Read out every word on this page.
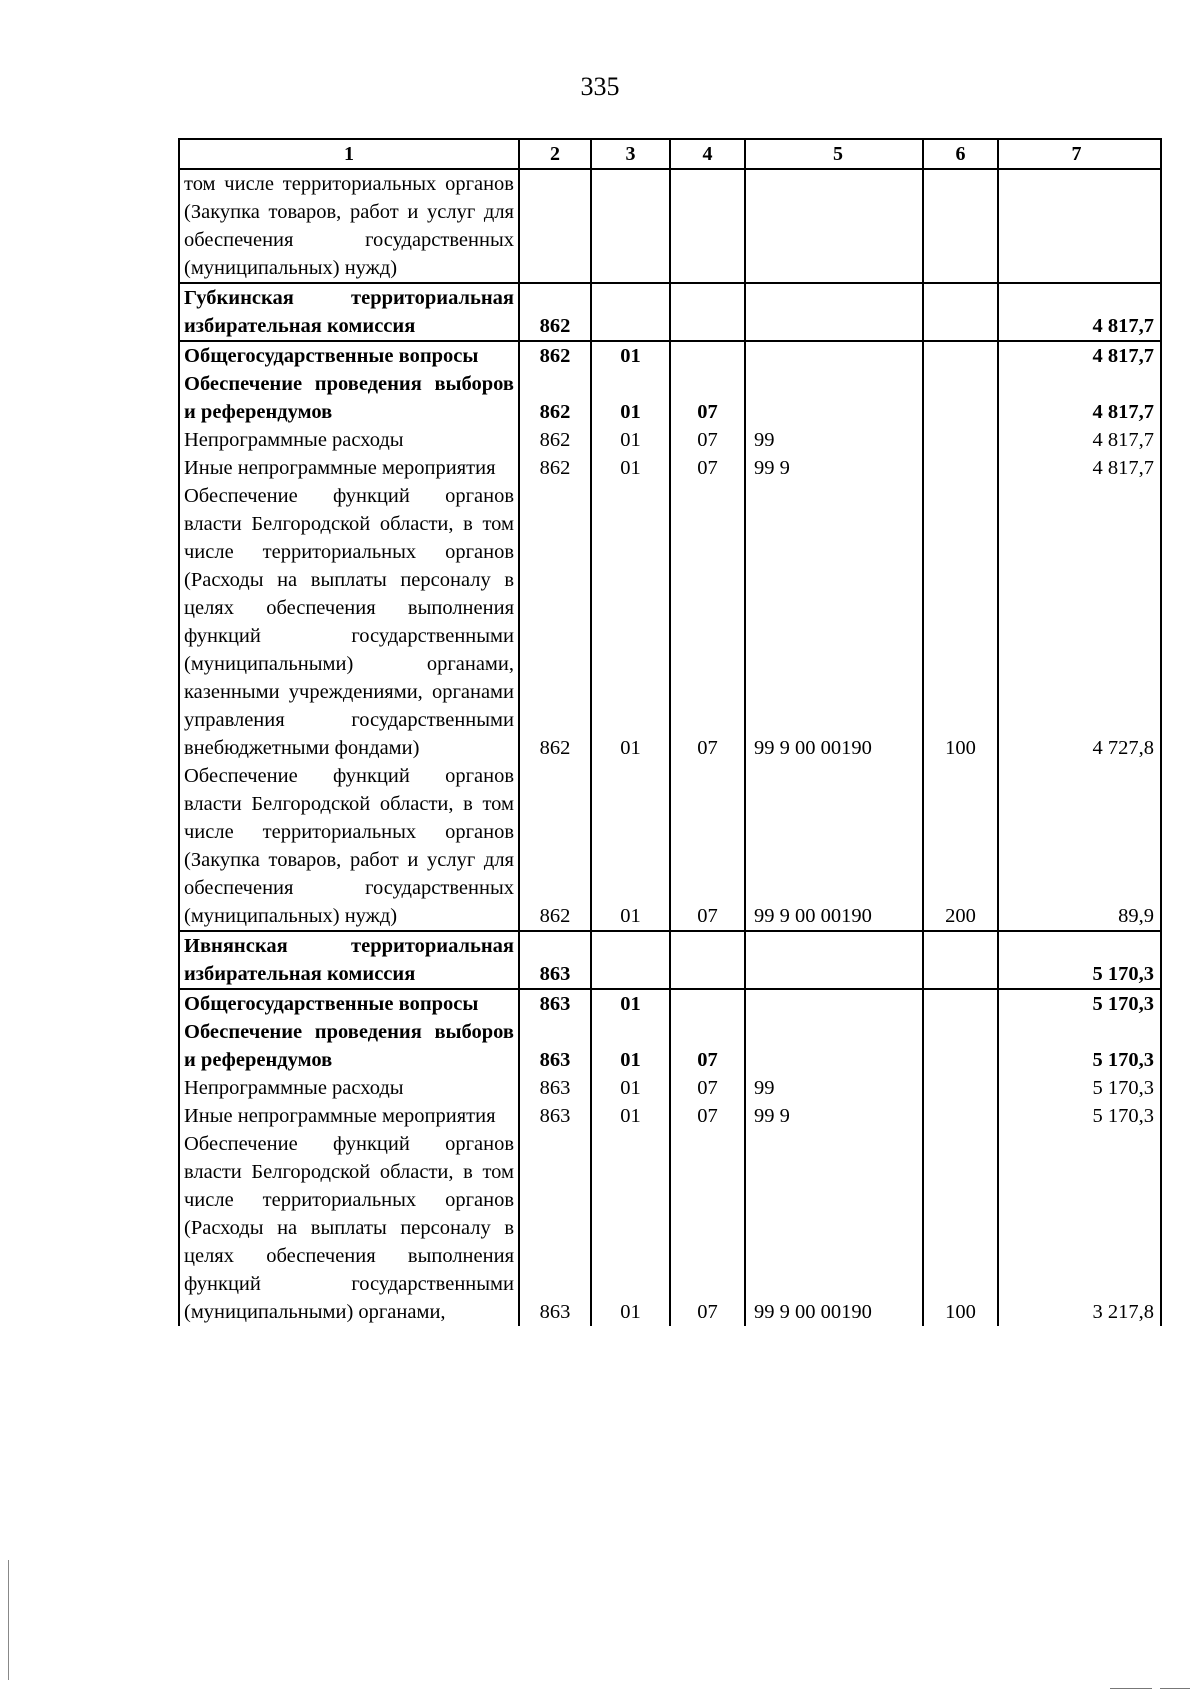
335
1	2	3	4	5	6	7
том числе территориальных органов (Закупка товаров, работ и услуг для обеспечения государственных (муниципальных) нужд)						
Губкинская территориальная избирательная комиссия	862					4 817,7
Общегосударственные вопросы	862	01				4 817,7
Обеспечение проведения выборов и референдумов	862	01	07			4 817,7
Непрограммные расходы	862	01	07	99		4 817,7
Иные непрограммные мероприятия	862	01	07	99 9		4 817,7
Обеспечение функций органов власти Белгородской области, в том числе территориальных органов (Расходы на выплаты персоналу в целях обеспечения выполнения функций государственными (муниципальными) органами, казенными учреждениями, органами управления государственными внебюджетными фондами)	862	01	07	99 9 00 00190	100	4 727,8
Обеспечение функций органов власти Белгородской области, в том числе территориальных органов (Закупка товаров, работ и услуг для обеспечения государственных (муниципальных) нужд)	862	01	07	99 9 00 00190	200	89,9
Ивнянская территориальная избирательная комиссия	863					5 170,3
Общегосударственные вопросы	863	01				5 170,3
Обеспечение проведения выборов и референдумов	863	01	07			5 170,3
Непрограммные расходы	863	01	07	99		5 170,3
Иные непрограммные мероприятия	863	01	07	99 9		5 170,3
Обеспечение функций органов власти Белгородской области, в том числе территориальных органов (Расходы на выплаты персоналу в целях обеспечения выполнения функций государственными (муниципальными) органами,	863	01	07	99 9 00 00190	100	3 217,8
